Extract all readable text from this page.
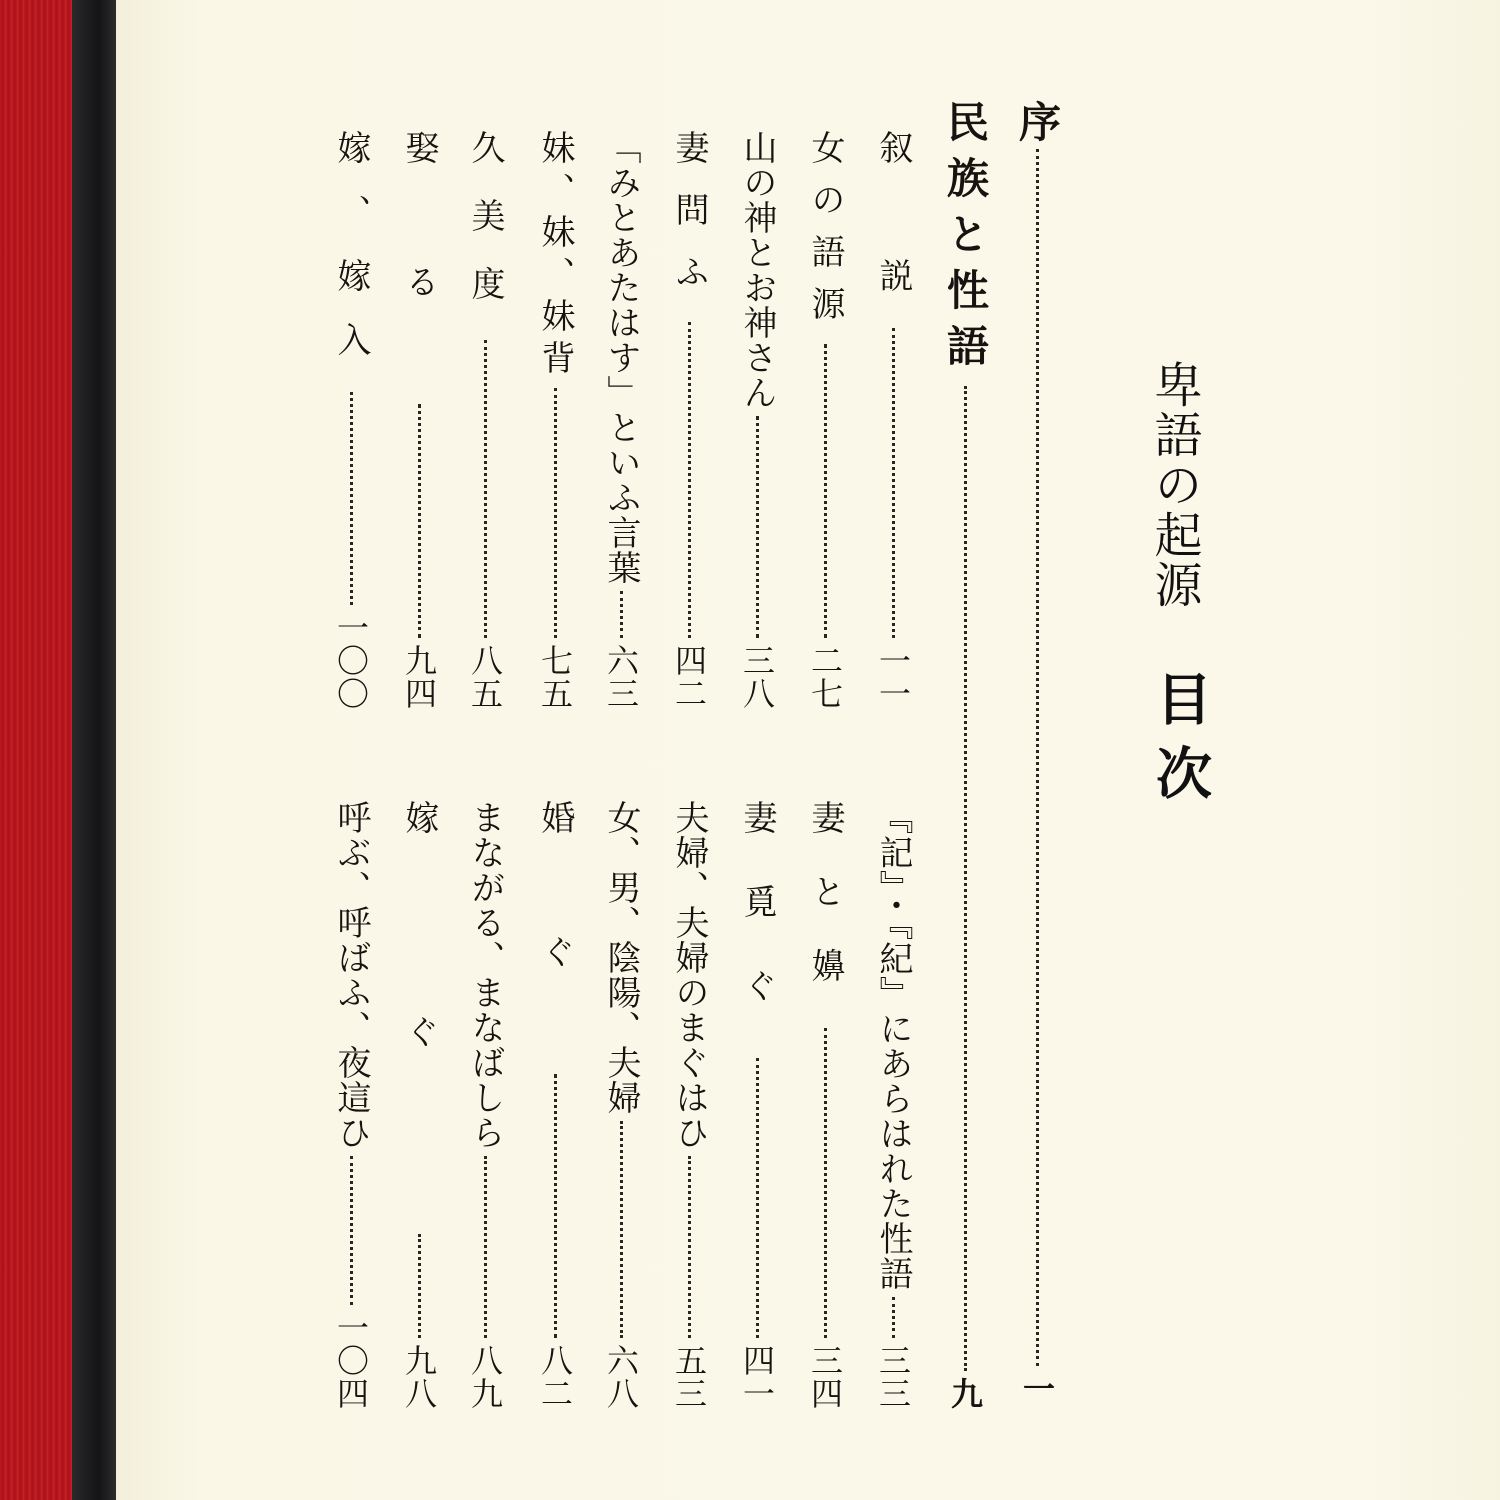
卑語の起源
目次
序
一
民族と性語
九
叙　説
一一
女の語源
二七
山の神とお神さん
三八
妻問ふ
四二
「みとあたはす」といふ言葉
六三
妹、妹、妹背
七五
久美度
八五
娶る
九四
嫁、嫁入
一〇〇
『記』・『紀』にあらはれた性語
三三
妻と嬶
三四
妻覓ぐ
四一
夫婦、夫婦のまぐはひ
五三
女、男、陰陽、夫婦
六八
婚ぐ
八二
まながる、まなばしら
八九
嫁ぐ
九八
呼ぶ、呼ばふ、夜這ひ
一〇四
